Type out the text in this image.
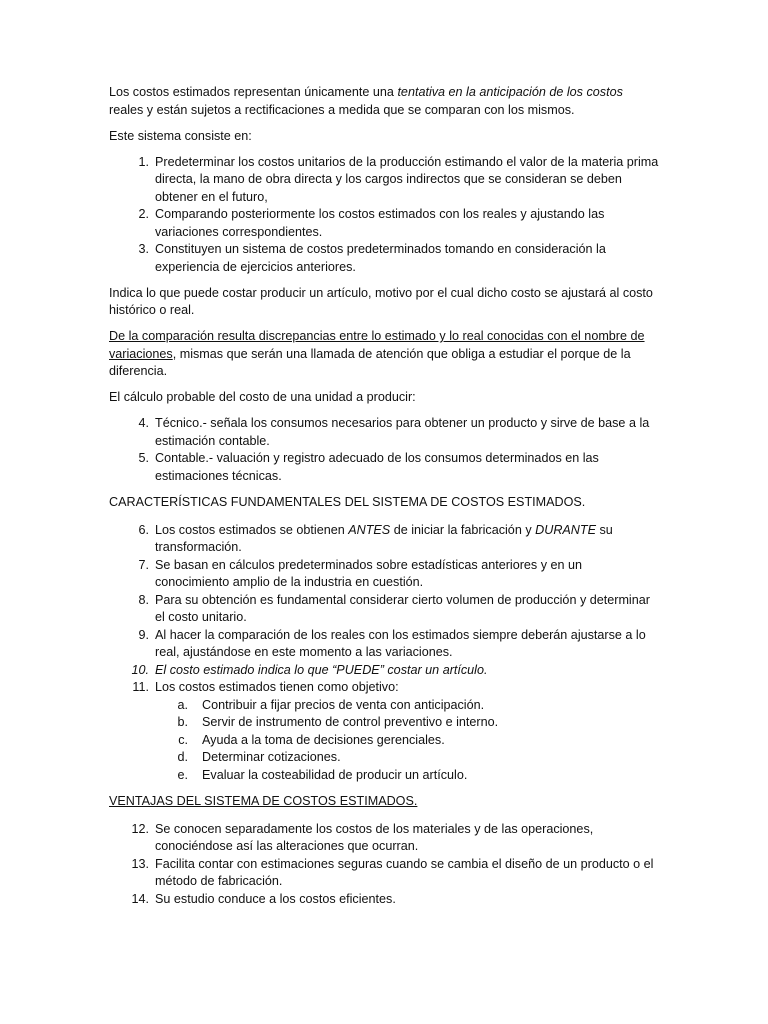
Los costos estimados representan únicamente una tentativa en la anticipación de los costos reales y están sujetos a rectificaciones a medida que se comparan con los mismos.

Este sistema consiste en:

1. Predeterminar los costos unitarios de la producción estimando el valor de la materia prima directa, la mano de obra directa y los cargos indirectos que se consideran se deben obtener en el futuro,
2. Comparando posteriormente los costos estimados con los reales y ajustando las variaciones correspondientes.
3. Constituyen un sistema de costos predeterminados tomando en consideración la experiencia de ejercicios anteriores.

Indica lo que puede costar producir un artículo, motivo por el cual dicho costo se ajustará al costo histórico o real.

De la comparación resulta discrepancias entre lo estimado y lo real conocidas con el nombre de variaciones, mismas que serán una llamada de atención que obliga a estudiar el porque de la diferencia.

El cálculo probable del costo de una unidad a producir:

4. Técnico.- señala los consumos necesarios para obtener un producto y sirve de base a la estimación contable.
5. Contable.- valuación y registro adecuado de los consumos determinados en las estimaciones técnicas.

CARACTERÍSTICAS FUNDAMENTALES DEL SISTEMA DE COSTOS ESTIMADOS.

6. Los costos estimados se obtienen ANTES de iniciar la fabricación y DURANTE su transformación.
7. Se basan en cálculos predeterminados sobre estadísticas anteriores y en un conocimiento amplio de la industria en cuestión.
8. Para su obtención es fundamental considerar cierto volumen de producción y determinar el costo unitario.
9. Al hacer la comparación de los reales con los estimados siempre deberán ajustarse a lo real, ajustándose en este momento a las variaciones.
10. El costo estimado indica lo que “PUEDE” costar un artículo.
11. Los costos estimados tienen como objetivo:
a. Contribuir a fijar precios de venta con anticipación.
b. Servir de instrumento de control preventivo e interno.
c. Ayuda a la toma de decisiones gerenciales.
d. Determinar cotizaciones.
e. Evaluar la costeabilidad de producir un artículo.

VENTAJAS DEL SISTEMA DE COSTOS ESTIMADOS.

12. Se conocen separadamente los costos de los materiales y de las operaciones, conociéndose así las alteraciones que ocurran.
13. Facilita contar con estimaciones seguras cuando se cambia el diseño de un producto o el método de fabricación.
14. Su estudio conduce a los costos eficientes.
